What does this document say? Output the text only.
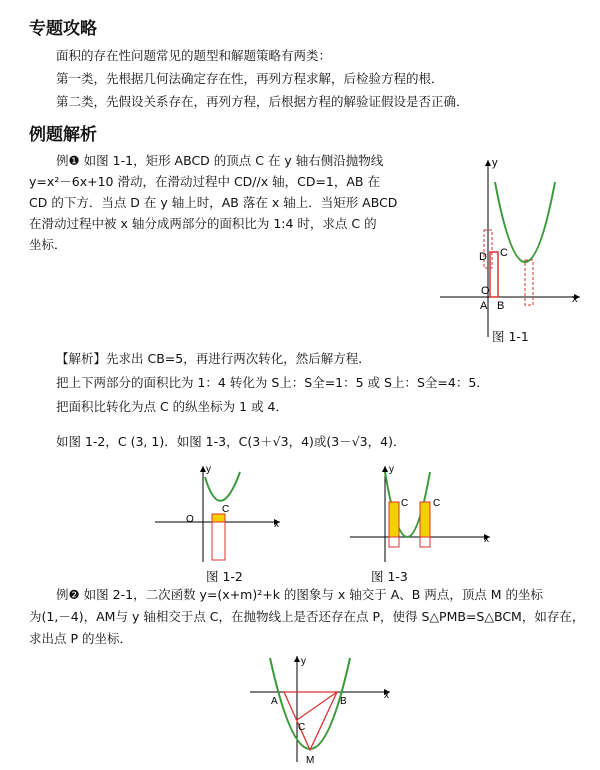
专题攻略
面积的存在性问题常见的题型和解题策略有两类：
第一类，先根据几何法确定存在性，再列方程求解，后检验方程的根．
第二类，先假设关系存在，再列方程，后根据方程的解验证假设是否正确．
例题解析
例❶ 如图 1-1，矩形 ABCD 的顶点 C 在 y 轴右侧沿抛物线
y=x²－6x+10 滑动，在滑动过程中 CD//x 轴，CD=1，AB 在
CD 的下方．当点 D 在 y 轴上时，AB 落在 x 轴上．当矩形 ABCD
在滑动过程中被 x 轴分成两部分的面积比为 1:4 时，求点 C 的
坐标．
x
y
O
A B
C
D
图 1-1
【解析】先求出 CB=5，再进行两次转化，然后解方程．
把上下两部分的面积比为 1：4 转化为 S上：S全=1：5 或 S上：S全=4：5．
把面积比转化为点 C 的纵坐标为 1 或 4．
如图 1-2，C (3, 1)．如图 1-3，C(3＋√3，4)或(3－√3，4)．
x
y
O
C
图 1-2
x
y
C C
图 1-3
例❷ 如图 2-1，二次函数 y=(x+m)²+k 的图象与 x 轴交于 A、B 两点，顶点 M 的坐标
为(1,－4)，AM与 y 轴相交于点 C，在抛物线上是否还存在点 P，使得 S△PMB=S△BCM，如存在，
求出点 P 的坐标．
x
y
A	B
C
M
